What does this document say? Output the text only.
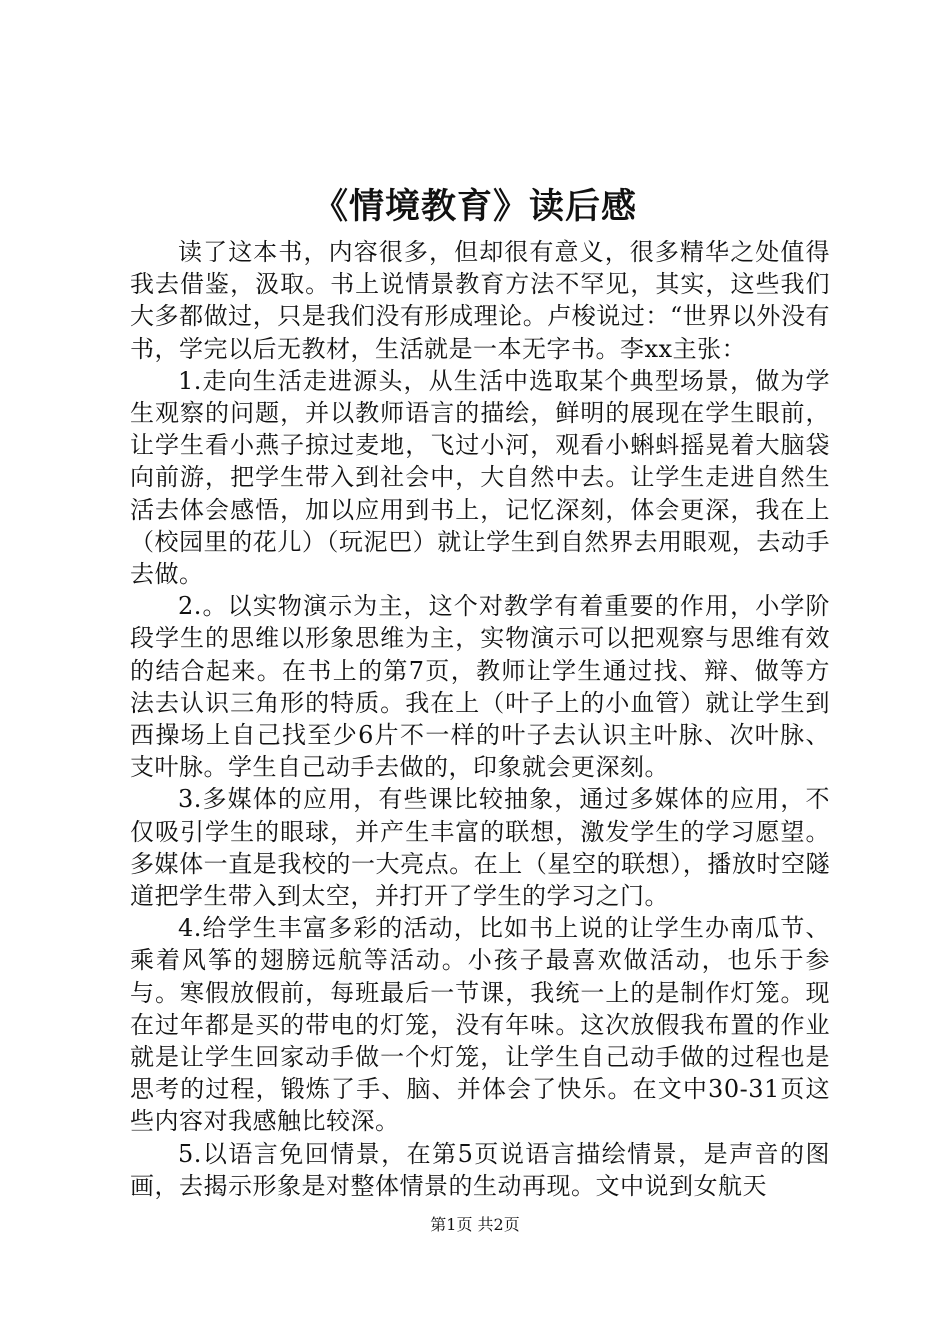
《情境教育》读后感

读了这本书，内容很多，但却很有意义，很多精华之处值得我去借鉴，汲取。书上说情景教育方法不罕见，其实，这些我们大多都做过，只是我们没有形成理论。卢梭说过：“世界以外没有书，学完以后无教材，生活就是一本无字书。李xx主张：

1.走向生活走进源头，从生活中选取某个典型场景，做为学生观察的问题，并以教师语言的描绘，鲜明的展现在学生眼前，让学生看小燕子掠过麦地，飞过小河，观看小蝌蚪摇晃着大脑袋向前游，把学生带入到社会中，大自然中去。让学生走进自然生活去体会感悟，加以应用到书上，记忆深刻，体会更深，我在上（校园里的花儿）（玩泥巴）就让学生到自然界去用眼观，去动手去做。

2.。以实物演示为主，这个对教学有着重要的作用，小学阶段学生的思维以形象思维为主，实物演示可以把观察与思维有效的结合起来。在书上的第7页，教师让学生通过找、辩、做等方法去认识三角形的特质。我在上（叶子上的小血管）就让学生到西操场上自己找至少6片不一样的叶子去认识主叶脉、次叶脉、支叶脉。学生自己动手去做的，印象就会更深刻。

3.多媒体的应用，有些课比较抽象，通过多媒体的应用，不仅吸引学生的眼球，并产生丰富的联想，激发学生的学习愿望。多媒体一直是我校的一大亮点。在上（星空的联想），播放时空隧道把学生带入到太空，并打开了学生的学习之门。

4.给学生丰富多彩的活动，比如书上说的让学生办南瓜节、乘着风筝的翅膀远航等活动。小孩子最喜欢做活动，也乐于参与。寒假放假前，每班最后一节课，我统一上的是制作灯笼。现在过年都是买的带电的灯笼，没有年味。这次放假我布置的作业就是让学生回家动手做一个灯笼，让学生自己动手做的过程也是思考的过程，锻炼了手、脑、并体会了快乐。在文中30-31页这些内容对我感触比较深。

5.以语言免回情景，在第5页说语言描绘情景，是声音的图画，去揭示形象是对整体情景的生动再现。文中说到女航天

第1页 共2页
